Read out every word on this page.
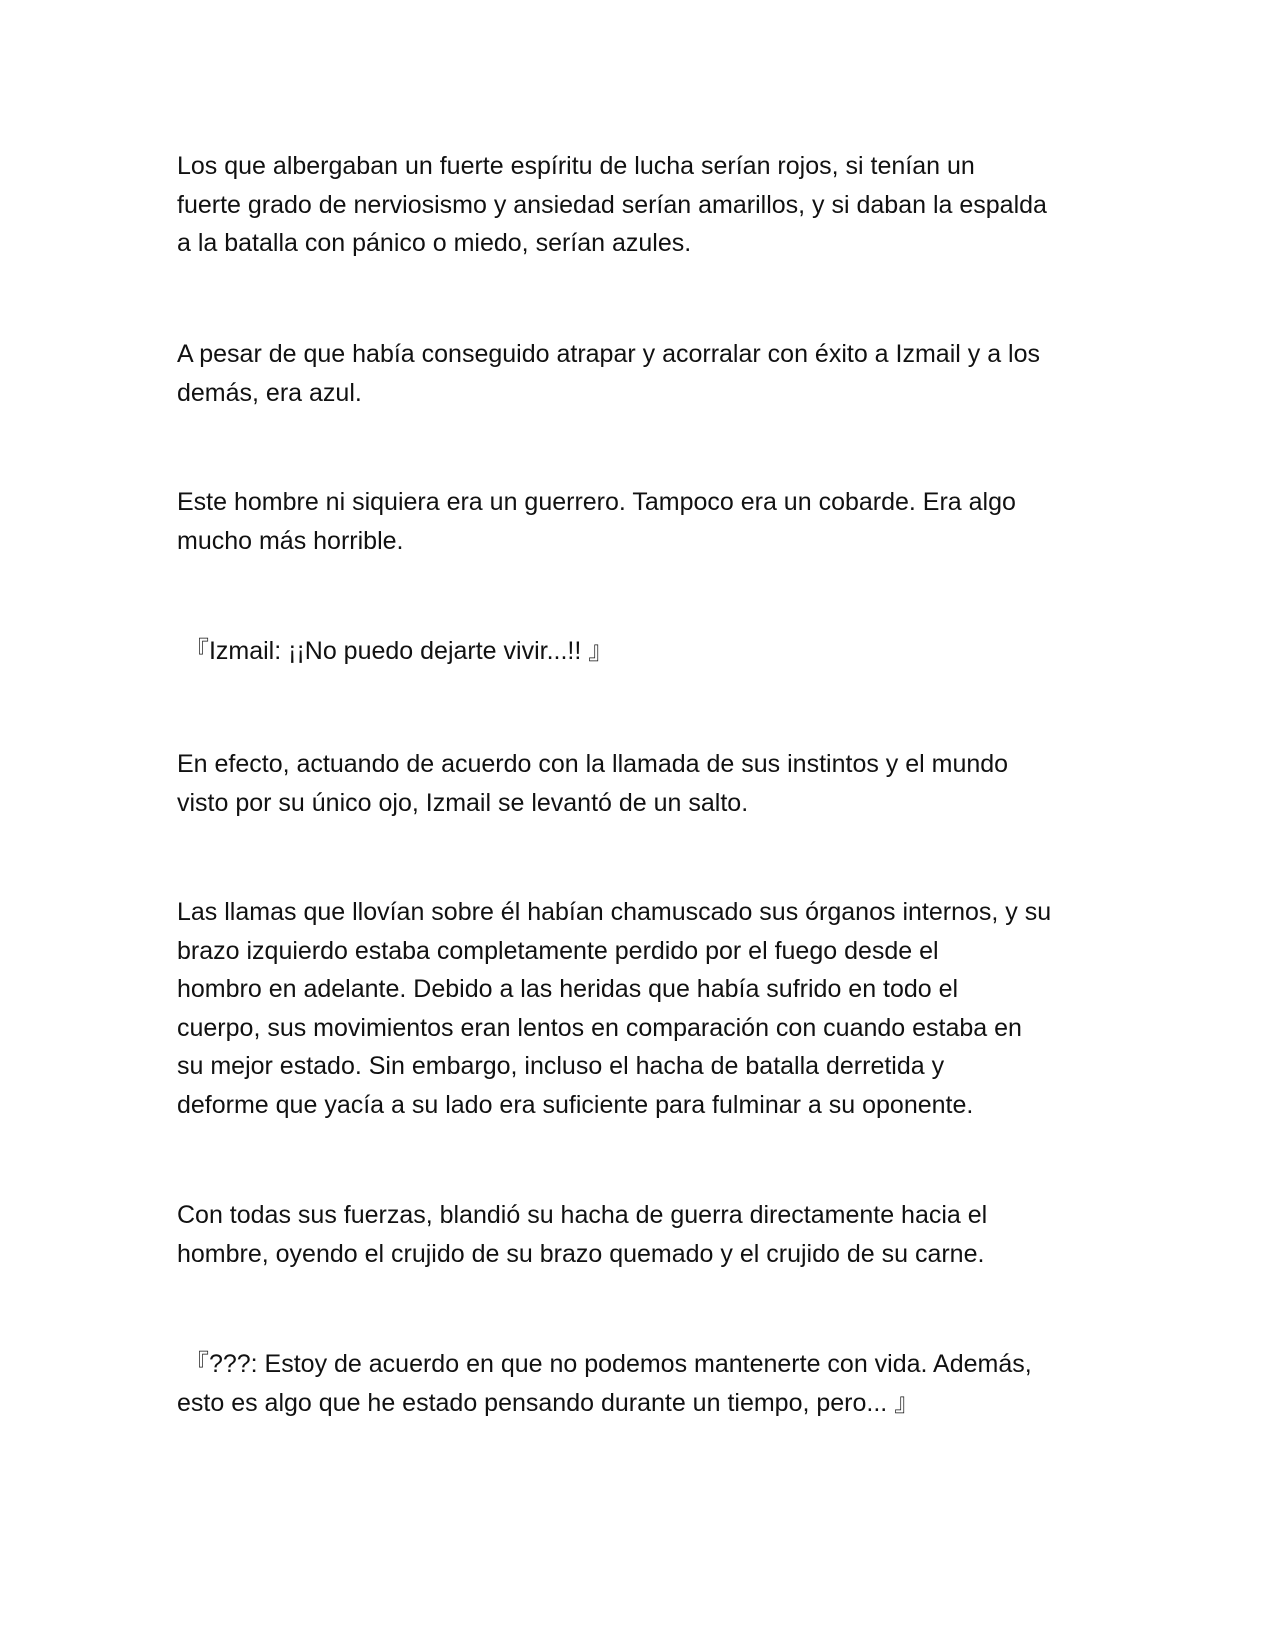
Los que albergaban un fuerte espíritu de lucha serían rojos, si tenían un
fuerte grado de nerviosismo y ansiedad serían amarillos, y si daban la espalda
a la batalla con pánico o miedo, serían azules.

A pesar de que había conseguido atrapar y acorralar con éxito a Izmail y a los
demás, era azul.

Este hombre ni siquiera era un guerrero. Tampoco era un cobarde. Era algo
mucho más horrible.

『Izmail: ¡¡No puedo dejarte vivir...!! 』

En efecto, actuando de acuerdo con la llamada de sus instintos y el mundo
visto por su único ojo, Izmail se levantó de un salto.

Las llamas que llovían sobre él habían chamuscado sus órganos internos, y su
brazo izquierdo estaba completamente perdido por el fuego desde el
hombro en adelante. Debido a las heridas que había sufrido en todo el
cuerpo, sus movimientos eran lentos en comparación con cuando estaba en
su mejor estado. Sin embargo, incluso el hacha de batalla derretida y
deforme que yacía a su lado era suficiente para fulminar a su oponente.

Con todas sus fuerzas, blandió su hacha de guerra directamente hacia el
hombre, oyendo el crujido de su brazo quemado y el crujido de su carne.

『???: Estoy de acuerdo en que no podemos mantenerte con vida. Además,
esto es algo que he estado pensando durante un tiempo, pero... 』
